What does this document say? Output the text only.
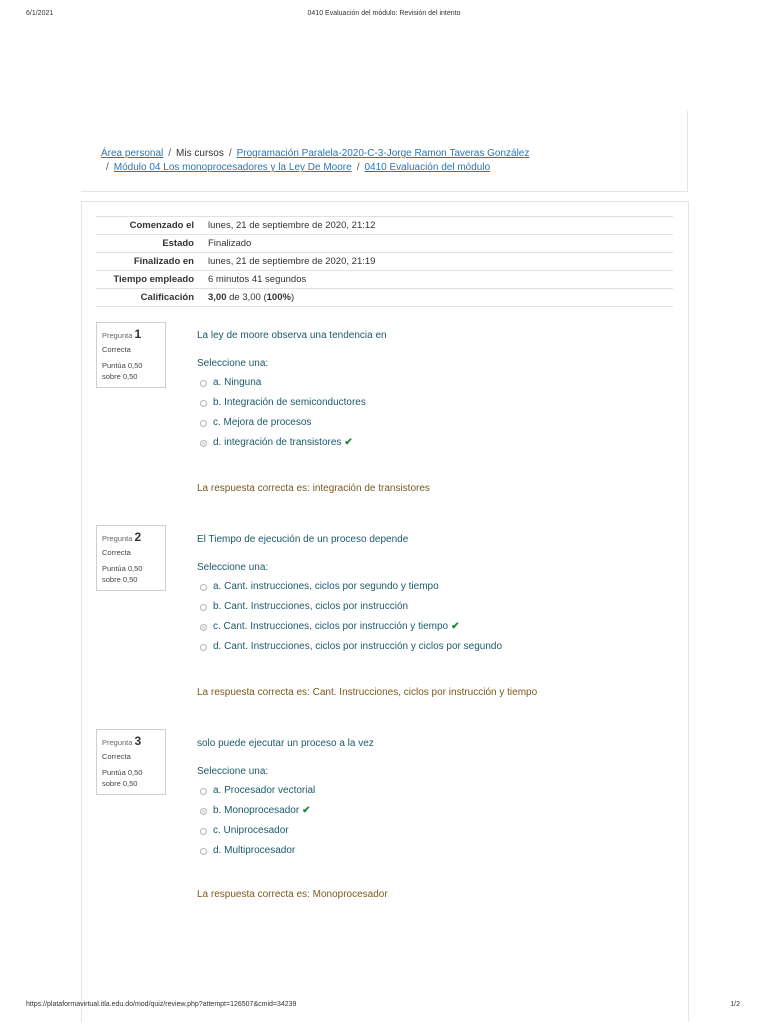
6/1/2021	0410 Evaluación del módulo: Revisión del intento
Área personal / Mis cursos / Programación Paralela-2020-C-3-Jorge Ramon Taveras González
/ Módulo 04 Los monoprocesadores y la Ley De Moore / 0410 Evaluación del módulo
Comenzado el	lunes, 21 de septiembre de 2020, 21:12
Estado	Finalizado
Finalizado en	lunes, 21 de septiembre de 2020, 21:19
Tiempo empleado	6 minutos 41 segundos
Calificación	3,00 de 3,00 (100%)
Pregunta 1
Correcta
Puntúa 0,50 sobre 0,50
La ley de moore observa una tendencia en
Seleccione una:
a. Ninguna
b. Integración de semiconductores
c. Mejora de procesos
d. integración de transistores ✔
La respuesta correcta es: integración de transistores
Pregunta 2
Correcta
Puntúa 0,50 sobre 0,50
El Tiempo de ejecución de un proceso depende
Seleccione una:
a. Cant. instrucciones, ciclos por segundo y tiempo
b. Cant. Instrucciones, ciclos por instrucción
c. Cant. Instrucciones, ciclos por instrucción y tiempo ✔
d. Cant. Instrucciones, ciclos por instrucción y ciclos por segundo
La respuesta correcta es: Cant. Instrucciones, ciclos por instrucción y tiempo
Pregunta 3
Correcta
Puntúa 0,50 sobre 0,50
solo puede ejecutar un proceso a la vez
Seleccione una:
a. Procesador vectorial
b. Monoprocesador ✔
c. Uniprocesador
d. Multiprocesador
La respuesta correcta es: Monoprocesador
https://plataformavirtual.itla.edu.do/mod/quiz/review.php?attempt=126507&cmid=34239	1/2
